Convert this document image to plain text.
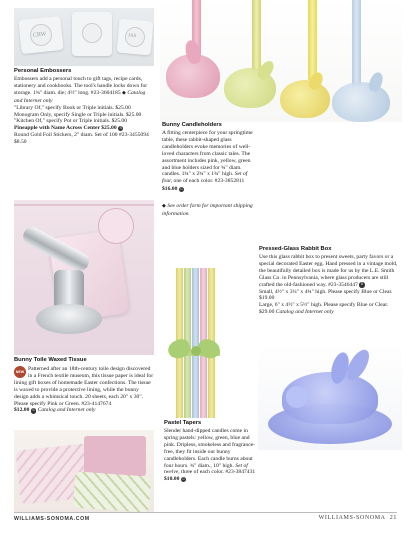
CRW	JAS
Personal Embossers
Embossers add a personal touch to gift tags, recipe cards, stationery and cookbooks. The tool's handle locks down for storage. 1¾" diam. die; 4½" long. #23-3604185 ◆ Catalog and Internet only
"Library Of," specify Book or Triple initials. $25.00
Monogram Only, specify Single or Triple initials. $25.00
"Kitchen Of," specify Pot or Triple initials. $25.00
Pineapple with Name Across Center $25.00 S
Round Gold Foil Stickers, 2" diam. Set of 100 #23-3455094 $8.50
Bunny Candleholders
A fitting centerpiece for your springtime table, these rabbit-shaped glass candleholders evoke memories of well-loved characters from classic tales. The assortment includes pink, yellow, green and blue holders sized for ¾" diam. candles. 1¾" x 2¾" x 1¾" high. Set of four, one of each color. #23-3852811
$16.00 C
◆ See order form for important shipping information.
Pressed-Glass Rabbit Box
Use this glass rabbit box to present sweets, party favors or a special decorated Easter egg. Hand pressed in a vintage mold, the beautifully detailed box is made for us by the L.E. Smith Glass Co. in Pennsylvania, where glass producers are still crafted the old-fashioned way. #23-3546447 S
Small, 4½" x 3¼" x 4¾" high. Please specify Blue or Clear. $19.00
Large, 6" x 4½" x 5½" high. Please specify Blue or Clear. $29.00 Catalog and Internet only
Pastel Tapers
Slender hand-dipped candles come in spring pastels: yellow, green, blue and pink. Dripless, smokeless and fragrance-free, they fit inside our bunny candleholders. Each candle burns about four hours. ¾" diam., 10" high. Set of twelve, three of each color. #23-3847431
$10.00 C
Bunny Toile Waxed Tissue
NEW Patterned after an 18th-century toile design discovered in a French textile museum, this tissue paper is ideal for lining gift boxes of homemade Easter confections. The tissue is waxed to provide a protective lining, while the bunny design adds a whimsical touch. 20 sheets, each 20" x 30". Please specify Pink or Green. #23-4147674
$12.00 S Catalog and Internet only
WILLIAMS-SONOMA.COM	WILLIAMS-SONOMA 21
